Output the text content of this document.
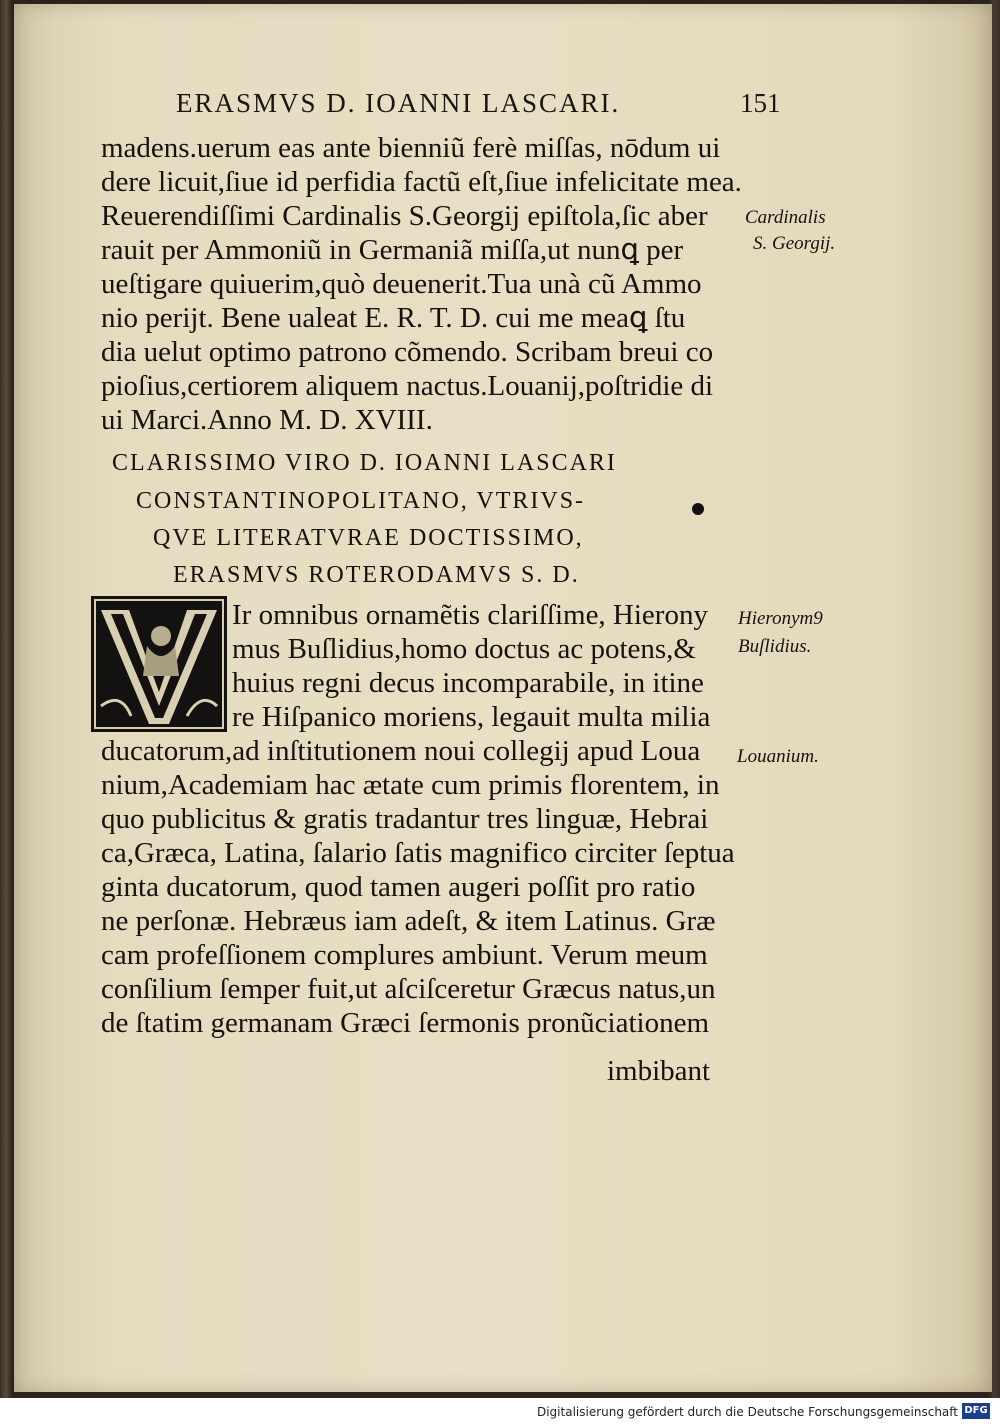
ERASMVS D. IOANNI LASCARI.	151
madens.uerum eas ante bienniũ ferè miſſas, nōdum ui
dere licuit,ſiue id perfidia factũ eſt,ſiue infelicitate mea.
Reuerendiſſimi Cardinalis S.Georgij epiſtola,ſic aber
rauit per Ammoniũ in Germaniã miſſa,ut nunꝗ per
ueſtigare quiuerim,quò deuenerit.Tua unà cũ Ammo
nio perijt. Bene ualeat E. R. T. D. cui me meaꝗ ſtu
dia uelut optimo patrono cõmendo. Scribam breui co
pioſius,certiorem aliquem nactus.Louanij,poſtridie di
ui Marci.Anno M. D. XVIII.
CLARISSIMO VIRO D. IOANNI LASCARI
CONSTANTINOPOLITANO, VTRIVS-
QVE LITERATVRAE DOCTISSIMO,
ERASMVS ROTERODAMVS S. D.
Ir omnibus ornamẽtis clariſſime, Hierony
mus Buſlidius,homo doctus ac potens,&
huius regni decus incomparabile, in itine
re Hiſpanico moriens, legauit multa milia
ducatorum,ad inſtitutionem noui collegij apud Loua
nium,Academiam hac ætate cum primis florentem, in
quo publicitus & gratis tradantur tres linguæ, Hebrai
ca,Græca, Latina, ſalario ſatis magnifico circiter ſeptua
ginta ducatorum, quod tamen augeri poſſit pro ratio
ne perſonæ. Hebræus iam adeſt, & item Latinus. Græ
cam profeſſionem complures ambiunt. Verum meum
conſilium ſemper fuit,ut aſciſceretur Græcus natus,un
de ſtatim germanam Græci ſermonis pronũciationem
imbibant
Cardinalis
S. Georgij.
Hieronym9
Buſlidius.
Louanium.
Digitalisierung gefördert durch die Deutsche Forschungsgemeinschaft DFG
